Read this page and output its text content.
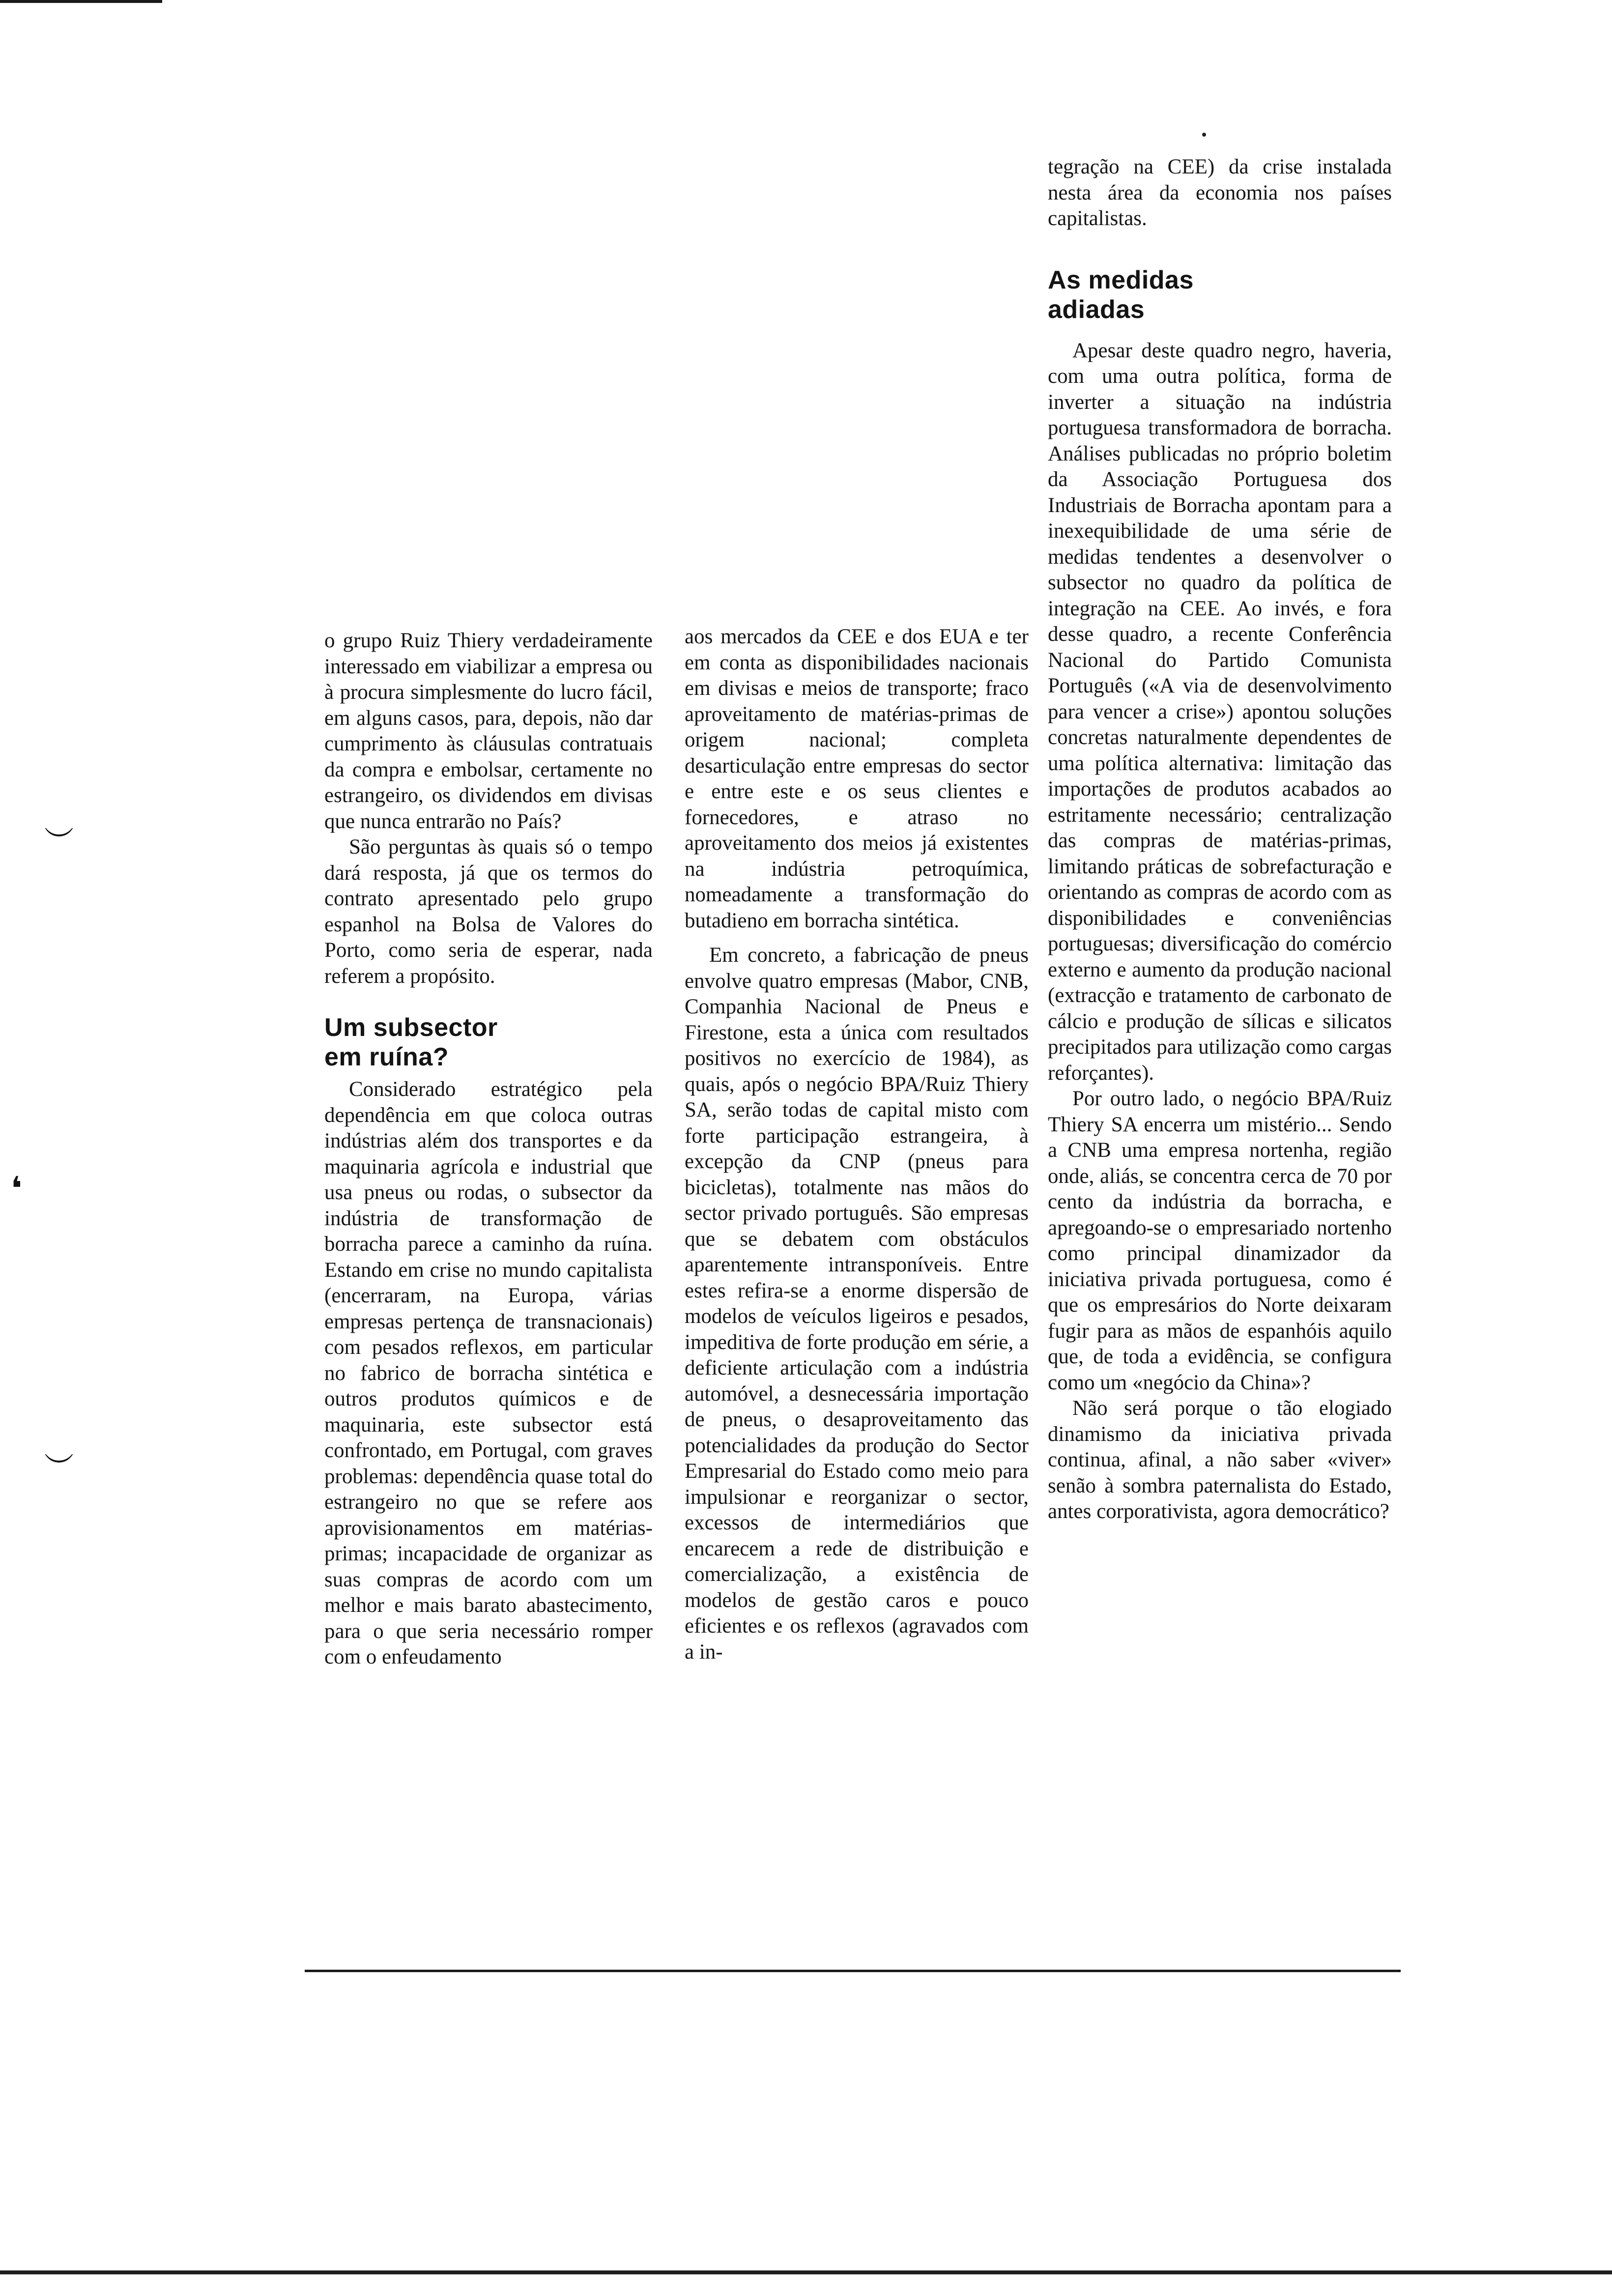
︶
❛
︶

o grupo Ruiz Thiery verdadeiramente interessado em viabilizar a empresa ou à procura simplesmente do lucro fácil, em alguns casos, para, depois, não dar cumprimento às cláusulas contratuais da compra e embolsar, certamente no estrangeiro, os dividendos em divisas que nunca entrarão no País?

São perguntas às quais só o tempo dará resposta, já que os termos do contrato apresentado pelo grupo espanhol na Bolsa de Valores do Porto, como seria de esperar, nada referem a propósito.

Um subsector
em ruína?

Considerado estratégico pela dependência em que coloca outras indústrias além dos transportes e da maquinaria agrícola e industrial que usa pneus ou rodas, o subsector da indústria de transformação de borracha parece a caminho da ruína. Estando em crise no mundo capitalista (encerraram, na Europa, várias empresas pertença de transnacionais) com pesados reflexos, em particular no fabrico de borracha sintética e outros produtos químicos e de maquinaria, este subsector está confrontado, em Portugal, com graves problemas: dependência quase total do estrangeiro no que se refere aos aprovisionamentos em matérias-primas; incapacidade de organizar as suas compras de acordo com um melhor e mais barato abastecimento, para o que seria necessário romper com o enfeudamento

aos mercados da CEE e dos EUA e ter em conta as disponibilidades nacionais em divisas e meios de transporte; fraco aproveitamento de matérias-primas de origem nacional; completa desarticulação entre empresas do sector e entre este e os seus clientes e fornecedores, e atraso no aproveitamento dos meios já existentes na indústria petroquímica, nomeadamente a transformação do butadieno em borracha sintética.

Em concreto, a fabricação de pneus envolve quatro empresas (Mabor, CNB, Companhia Nacional de Pneus e Firestone, esta a única com resultados positivos no exercício de 1984), as quais, após o negócio BPA/Ruiz Thiery SA, serão todas de capital misto com forte participação estrangeira, à excepção da CNP (pneus para bicicletas), totalmente nas mãos do sector privado português. São empresas que se debatem com obstáculos aparentemente intransponíveis. Entre estes refira-se a enorme dispersão de modelos de veículos ligeiros e pesados, impeditiva de forte produção em série, a deficiente articulação com a indústria automóvel, a desnecessária importação de pneus, o desaproveitamento das potencialidades da produção do Sector Empresarial do Estado como meio para impulsionar e reorganizar o sector, excessos de intermediários que encarecem a rede de distribuição e comercialização, a existência de modelos de gestão caros e pouco eficientes e os reflexos (agravados com a in-

tegração na CEE) da crise instalada nesta área da economia nos países capitalistas.

As medidas
adiadas

Apesar deste quadro negro, haveria, com uma outra política, forma de inverter a situação na indústria portuguesa transformadora de borracha. Análises publicadas no próprio boletim da Associação Portuguesa dos Industriais de Borracha apontam para a inexequibilidade de uma série de medidas tendentes a desenvolver o subsector no quadro da política de integração na CEE. Ao invés, e fora desse quadro, a recente Conferência Nacional do Partido Comunista Português («A via de desenvolvimento para vencer a crise») apontou soluções concretas naturalmente dependentes de uma política alternativa: limitação das importações de produtos acabados ao estritamente necessário; centralização das compras de matérias-primas, limitando práticas de sobrefacturação e orientando as compras de acordo com as disponibilidades e conveniências portuguesas; diversificação do comércio externo e aumento da produção nacional (extracção e tratamento de carbonato de cálcio e produção de sílicas e silicatos precipitados para utilização como cargas reforçantes).

Por outro lado, o negócio BPA/Ruiz Thiery SA encerra um mistério... Sendo a CNB uma empresa nortenha, região onde, aliás, se concentra cerca de 70 por cento da indústria da borracha, e apregoando-se o empresariado nortenho como principal dinamizador da iniciativa privada portuguesa, como é que os empresários do Norte deixaram fugir para as mãos de espanhóis aquilo que, de toda a evidência, se configura como um «negócio da China»?

Não será porque o tão elogiado dinamismo da iniciativa privada continua, afinal, a não saber «viver» senão à sombra paternalista do Estado, antes corporativista, agora democrático?
